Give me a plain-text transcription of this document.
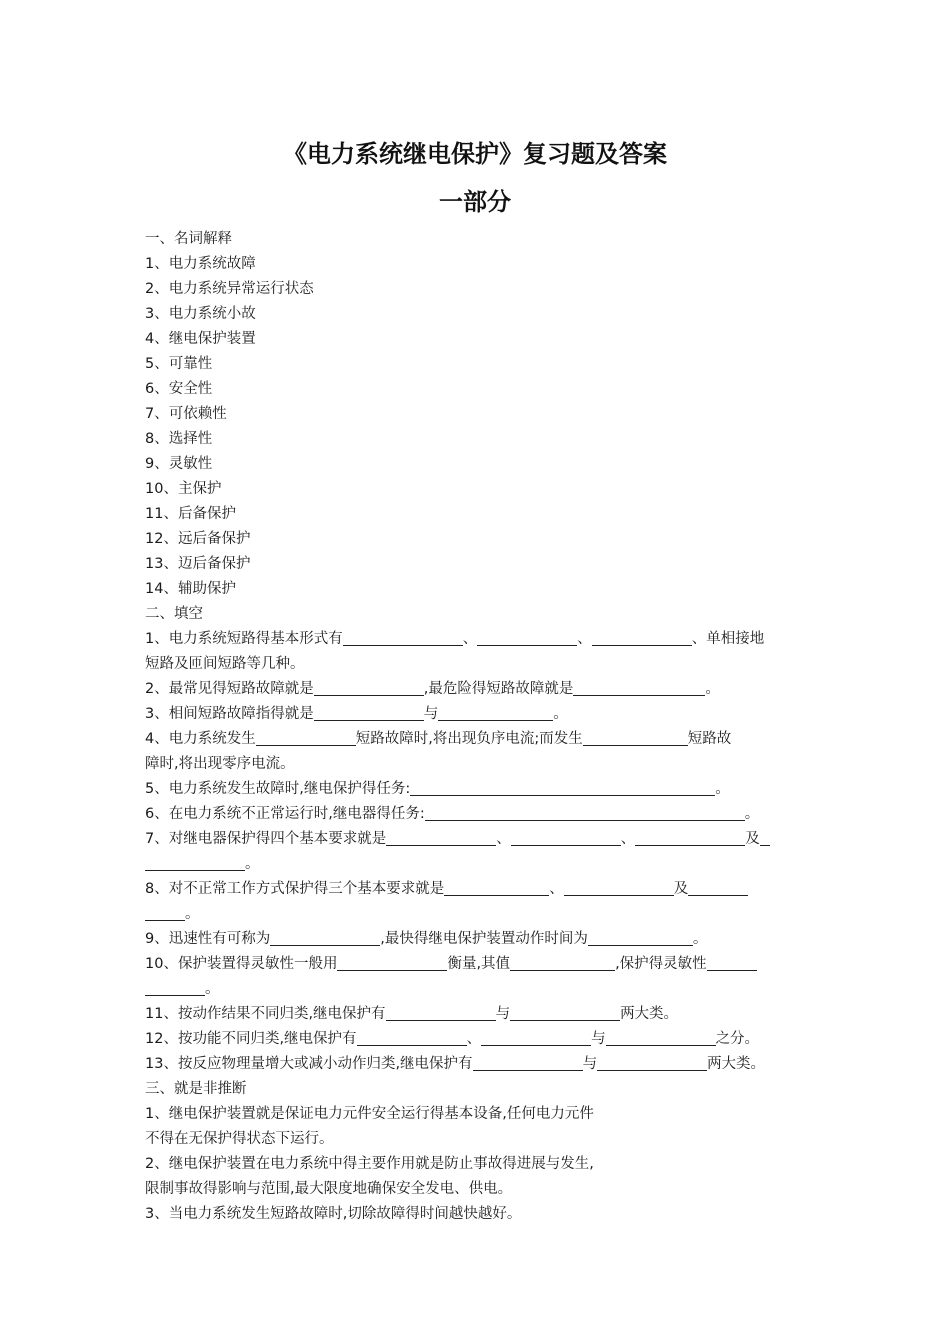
《电力系统继电保护》复习题及答案
一部分
一、名词解释
1、电力系统故障
2、电力系统异常运行状态
3、电力系统小故
4、继电保护装置
5、可靠性
6、安全性
7、可依赖性
8、选择性
9、灵敏性
10、主保护
11、后备保护
12、远后备保护
13、迈后备保护
14、辅助保护
二、填空
1、电力系统短路得基本形式有	、	、	、单相接地
短路及匝间短路等几种。
2、最常见得短路故障就是	,最危险得短路故障就是	。
3、相间短路故障指得就是	与	。
4、电力系统发生	短路故障时,将出现负序电流;而发生	短路故
障时,将出现零序电流。
5、电力系统发生故障时,继电保护得任务:	。
6、在电力系统不正常运行时,继电器得任务:	。
7、对继电器保护得四个基本要求就是	、	、	及
。
8、对不正常工作方式保护得三个基本要求就是	、	及
。
9、迅速性有可称为	,最快得继电保护装置动作时间为	。
10、保护装置得灵敏性一般用	衡量,其值	,保护得灵敏性
。
11、按动作结果不同归类,继电保护有	与	两大类。
12、按功能不同归类,继电保护有	、	与	之分。
13、按反应物理量增大或减小动作归类,继电保护有	与	两大类。
三、就是非推断
1、继电保护装置就是保证电力元件安全运行得基本设备,任何电力元件
不得在无保护得状态下运行。
2、继电保护装置在电力系统中得主要作用就是防止事故得进展与发生,
限制事故得影响与范围,最大限度地确保安全发电、供电。
3、当电力系统发生短路故障时,切除故障得时间越快越好。
